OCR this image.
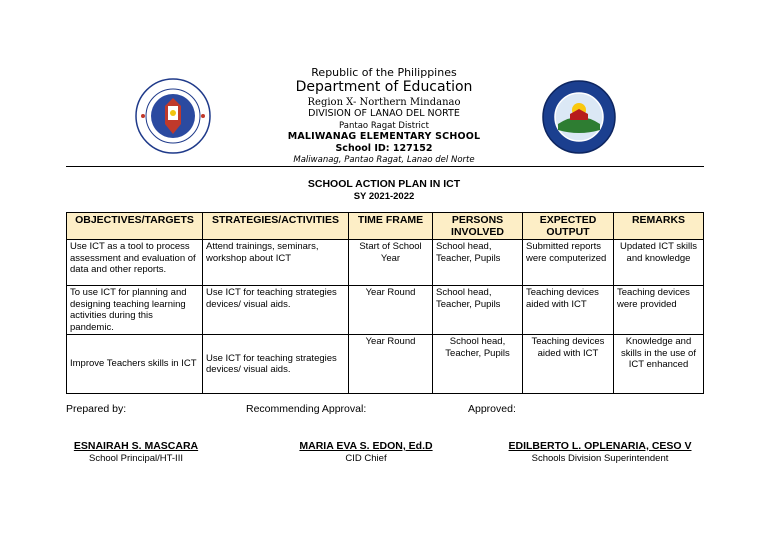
Republic of the Philippines
Department of Education
Region X- Northern Mindanao
DIVISION OF LANAO DEL NORTE
Pantao Ragat District
MALIWANAG ELEMENTARY SCHOOL
School ID: 127152
Maliwanag, Pantao Ragat, Lanao del Norte
SCHOOL ACTION PLAN IN ICT
SY 2021-2022
OBJECTIVES/TARGETS	STRATEGIES/ACTIVITIES	TIME FRAME	PERSONS INVOLVED	EXPECTED OUTPUT	REMARKS
Use ICT as a tool to process assessment and evaluation of data and other reports.	Attend trainings, seminars, workshop about ICT	Start of School Year	School head, Teacher, Pupils	Submitted reports were computerized	Updated ICT skills and knowledge
To use ICT for planning and designing teaching learning activities during this pandemic.	Use ICT for teaching strategies devices/ visual aids.	Year Round	School head, Teacher, Pupils	Teaching devices aided with ICT	Teaching devices were provided
Improve Teachers skills in ICT	Use ICT for teaching strategies devices/ visual aids.	Year Round	School head, Teacher, Pupils	Teaching devices aided with ICT	Knowledge and skills in the use of ICT enhanced
Prepared by:	Recommending Approval:	Approved:
ESNAIRAH S. MASCARA
School Principal/HT-III
MARIA EVA S. EDON, Ed.D
CID Chief
EDILBERTO L. OPLENARIA, CESO V
Schools Division Superintendent
